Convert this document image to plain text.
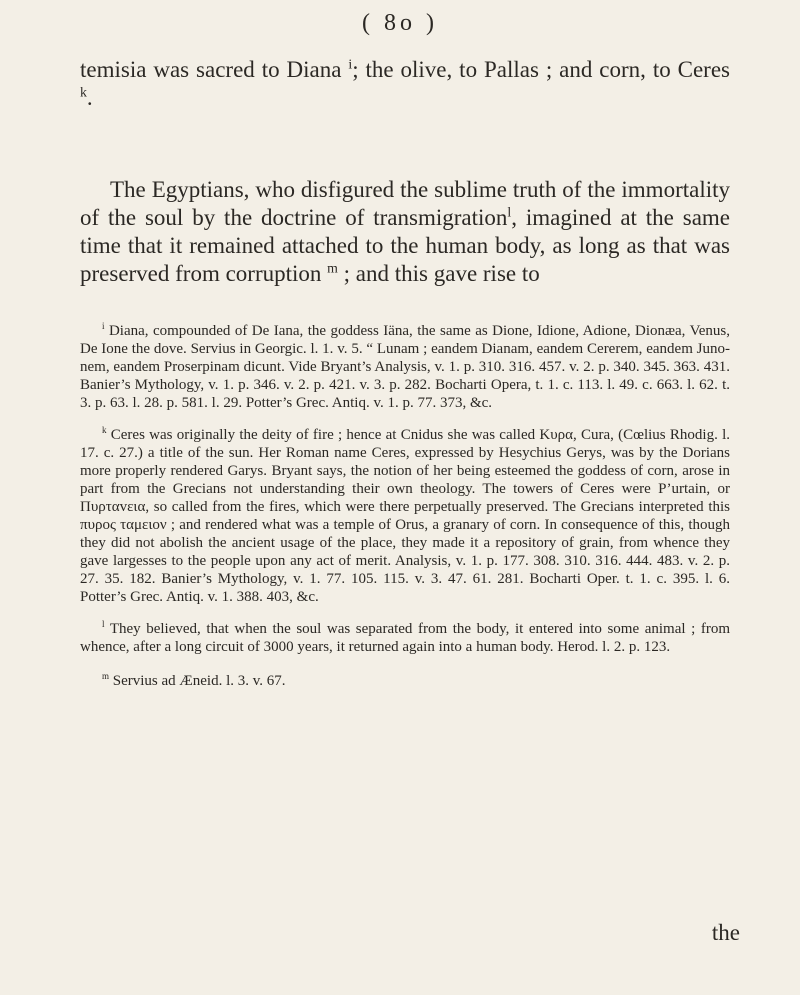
( 8o )
temisia was sacred to Diana $^i$; the olive, to Pallas ; and corn, to Ceres $^k$.
The Egyptians, who disfigured the sublime truth of the immortality of the soul by the doctrine of transmigration$^l$, imagined at the same time that it remained attached to the human body, as long as that was preserved from corruption $^m$ ; and this gave rise to

$^i$ Diana, compounded of De Iana, the goddess Iäna, the same as Dione, Idione, Adione, Dionæa, Venus, De Ione the dove. Servius in Georgic. l. 1. v. 5. “ Lunam ; eandem Dianam, eandem Cererem, eandem Juno-nem, eandem Proserpinam dicunt. Vide Bryant’s Analysis, v. 1. p. 310. 316. 457. v. 2. p. 340. 345. 363. 431. Banier’s Mythology, v. 1. p. 346. v. 2. p. 421. v. 3. p. 282. Bocharti Opera, t. 1. c. 113. l. 49. c. 663. l. 62. t. 3. p. 63. l. 28. p. 581. l. 29. Potter’s Grec. Antiq. v. 1. p. 77. 373, &c.

$^k$ Ceres was originally the deity of fire ; hence at Cnidus she was called Κυρα, Cura, (Cœlius Rhodig. l. 17. c. 27.) a title of the sun. Her Roman name Ceres, expressed by Hesychius Gerys, was by the Dorians more properly rendered Garys. Bryant says, the notion of her being esteemed the goddess of corn, arose in part from the Grecians not understanding their own theology. The towers of Ceres were P’urtain, or Πυρταvεια, so called from the fires, which were there perpetually preserved. The Grecians interpreted this πυρος ταμειον ; and rendered what was a temple of Orus, a granary of corn. In consequence of this, though they did not abolish the ancient usage of the place, they made it a repository of grain, from whence they gave largesses to the people upon any act of merit. Analysis, v. 1. p. 177. 308. 310. 316. 444. 483. v. 2. p. 27. 35. 182. Banier’s Mythology, v. 1. 77. 105. 115. v. 3. 47. 61. 281. Bocharti Oper. t. 1. c. 395. l. 6. Potter’s Grec. Antiq. v. 1. 388. 403, &c.

$^l$ They believed, that when the soul was separated from the body, it entered into some animal ; from whence, after a long circuit of 3000 years, it returned again into a human body. Herod. l. 2. p. 123.

$^m$ Servius ad Æneid. l. 3. v. 67.

the
